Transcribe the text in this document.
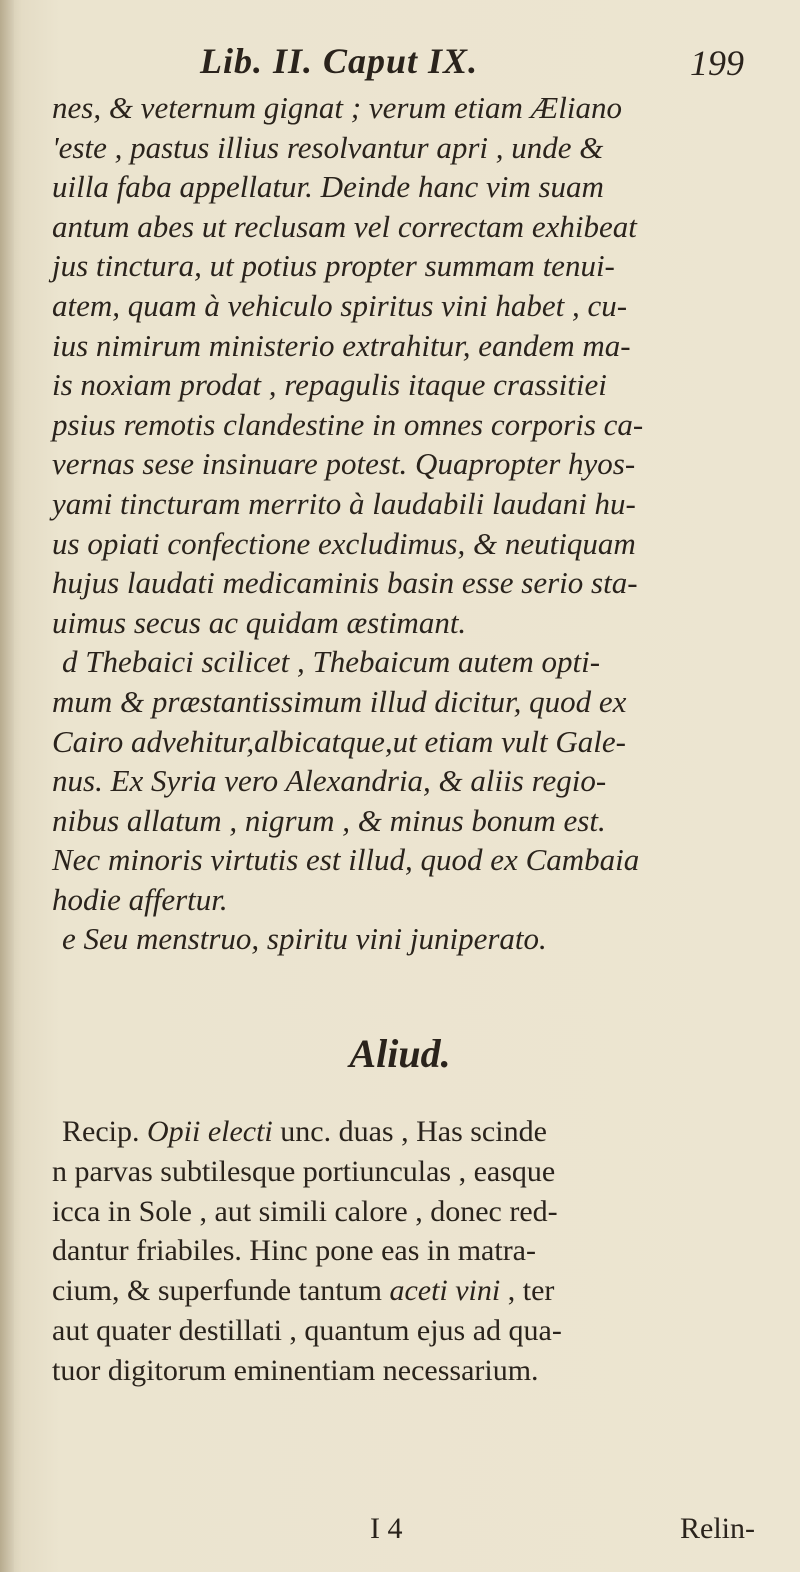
Lib. II. Caput IX.	199

nes, & veternum gignat ; verum etiam Æliano

'este , pastus illius resolvantur apri , unde &

uilla faba appellatur. Deinde hanc vim suam

antum abes ut reclusam vel correctam exhibeat

jus tinctura, ut potius propter summam tenui-

atem, quam à vehiculo spiritus vini habet , cu-

ius nimirum ministerio extrahitur, eandem ma-

is noxiam prodat , repagulis itaque crassitiei

psius remotis clandestine in omnes corporis ca-

vernas sese insinuare potest. Quapropter hyos-

yami tincturam merrito à laudabili laudani hu-

us opiati confectione excludimus, & neutiquam

hujus laudati medicaminis basin esse serio sta-

uimus secus ac quidam æstimant.

d Thebaici scilicet , Thebaicum autem opti-

mum & præstantissimum illud dicitur, quod ex

Cairo advehitur,albicatque,ut etiam vult Gale-

nus. Ex Syria vero Alexandria, & aliis regio-

nibus allatum , nigrum , & minus bonum est.

Nec minoris virtutis est illud, quod ex Cambaia

hodie affertur.

e Seu menstruo, spiritu vini juniperato.

Aliud.

Recip. Opii electi unc. duas , Has scinde

n parvas subtilesque portiunculas , easque

icca in Sole , aut simili calore , donec red-

dantur friabiles. Hinc pone eas in matra-

cium, & superfunde tantum aceti vini , ter

aut quater destillati , quantum ejus ad qua-

tuor digitorum eminentiam necessarium.

I 4	Relin-
